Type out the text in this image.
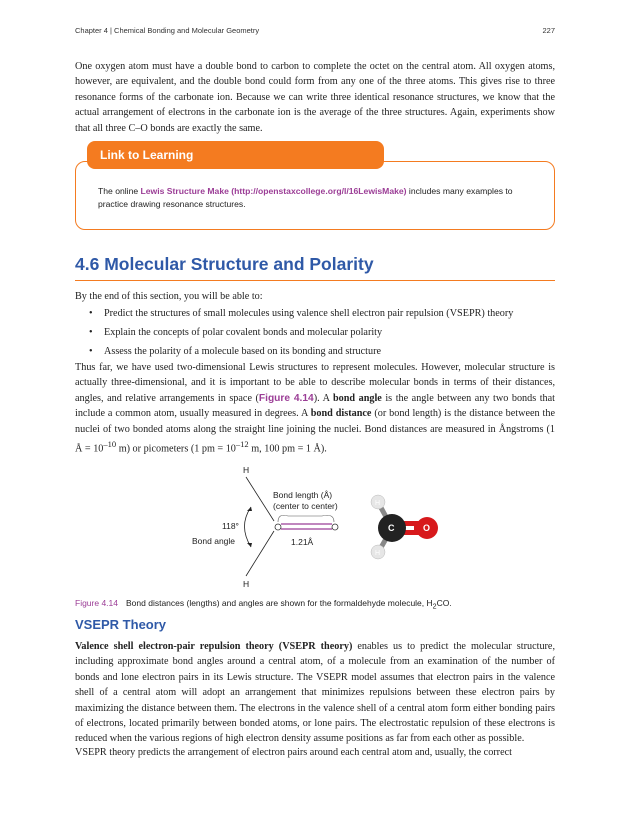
Chapter 4 | Chemical Bonding and Molecular Geometry	227

One oxygen atom must have a double bond to carbon to complete the octet on the central atom. All oxygen atoms, however, are equivalent, and the double bond could form from any one of the three atoms. This gives rise to three resonance forms of the carbonate ion. Because we can write three identical resonance structures, we know that the actual arrangement of electrons in the carbonate ion is the average of the three structures. Again, experiments show that all three C–O bonds are exactly the same.

Link to Learning
The online Lewis Structure Make (http://openstaxcollege.org/l/16LewisMake) includes many examples to practice drawing resonance structures.
4.6 Molecular Structure and Polarity
By the end of this section, you will be able to:
• Predict the structures of small molecules using valence shell electron pair repulsion (VSEPR) theory
• Explain the concepts of polar covalent bonds and molecular polarity
• Assess the polarity of a molecule based on its bonding and structure

Thus far, we have used two-dimensional Lewis structures to represent molecules. However, molecular structure is actually three-dimensional, and it is important to be able to describe molecular bonds in terms of their distances, angles, and relative arrangements in space (Figure 4.14). A bond angle is the angle between any two bonds that include a common atom, usually measured in degrees. A bond distance (or bond length) is the distance between the nuclei of two bonded atoms along the straight line joining the nuclei. Bond distances are measured in Ångstroms (1 Å = $10^{-10}$ m) or picometers (1 pm = $10^{-12}$ m, 100 pm = 1 Å).

H
H
118°
Bond angle
Bond length (Å)
(center to center)
1.21Å
H
H
C	O
Figure 4.14 Bond distances (lengths) and angles are shown for the formaldehyde molecule, $H_2CO$.
VSEPR Theory

Valence shell electron-pair repulsion theory (VSEPR theory) enables us to predict the molecular structure, including approximate bond angles around a central atom, of a molecule from an examination of the number of bonds and lone electron pairs in its Lewis structure. The VSEPR model assumes that electron pairs in the valence shell of a central atom will adopt an arrangement that minimizes repulsions between these electron pairs by maximizing the distance between them. The electrons in the valence shell of a central atom form either bonding pairs of electrons, located primarily between bonded atoms, or lone pairs. The electrostatic repulsion of these electrons is reduced when the various regions of high electron density assume positions as far from each other as possible.

VSEPR theory predicts the arrangement of electron pairs around each central atom and, usually, the correct
